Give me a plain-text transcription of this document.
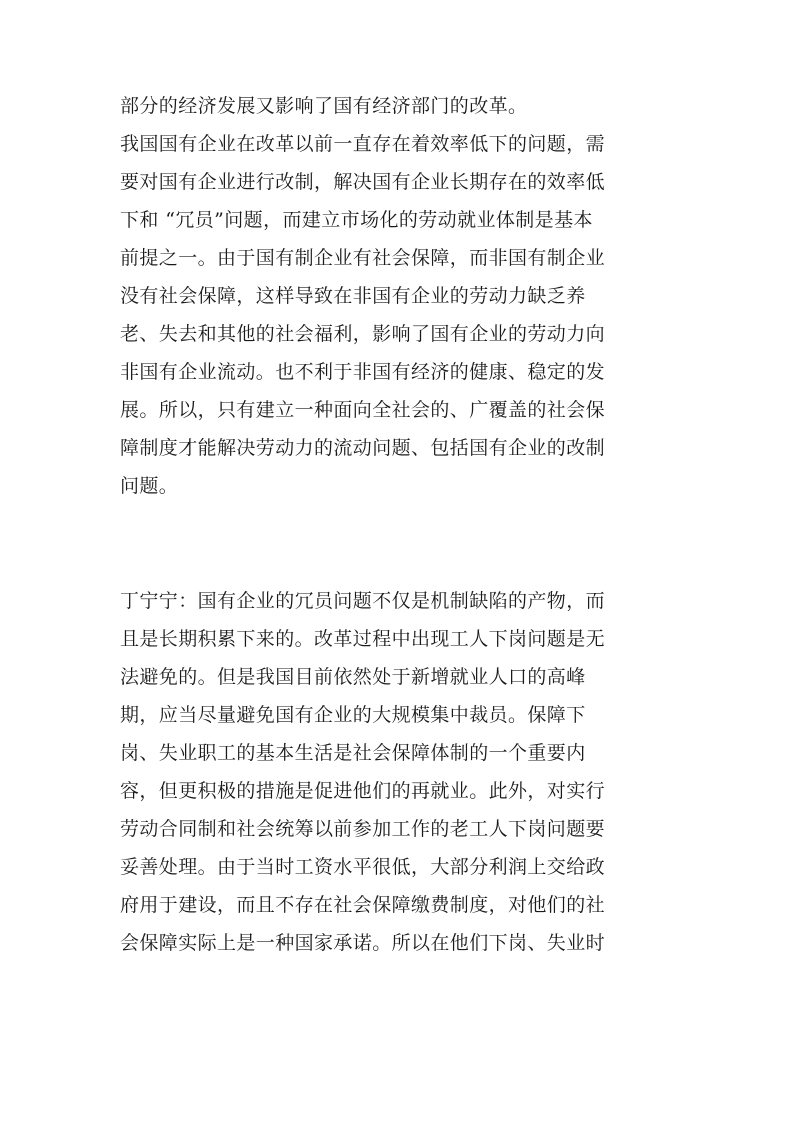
部分的经济发展又影响了国有经济部门的改革。
我国国有企业在改革以前一直存在着效率低下的问题，需
要对国有企业进行改制，解决国有企业长期存在的效率低
下和 “冗员”问题，而建立市场化的劳动就业体制是基本
前提之一。由于国有制企业有社会保障，而非国有制企业
没有社会保障，这样导致在非国有企业的劳动力缺乏养
老、失去和其他的社会福利，影响了国有企业的劳动力向
非国有企业流动。也不利于非国有经济的健康、稳定的发
展。所以，只有建立一种面向全社会的、广覆盖的社会保
障制度才能解决劳动力的流动问题、包括国有企业的改制
问题。
丁宁宁：国有企业的冗员问题不仅是机制缺陷的产物，而
且是长期积累下来的。改革过程中出现工人下岗问题是无
法避免的。但是我国目前依然处于新增就业人口的高峰
期，应当尽量避免国有企业的大规模集中裁员。保障下
岗、失业职工的基本生活是社会保障体制的一个重要内
容，但更积极的措施是促进他们的再就业。此外，对实行
劳动合同制和社会统筹以前参加工作的老工人下岗问题要
妥善处理。由于当时工资水平很低，大部分利润上交给政
府用于建设，而且不存在社会保障缴费制度，对他们的社
会保障实际上是一种国家承诺。所以在他们下岗、失业时
